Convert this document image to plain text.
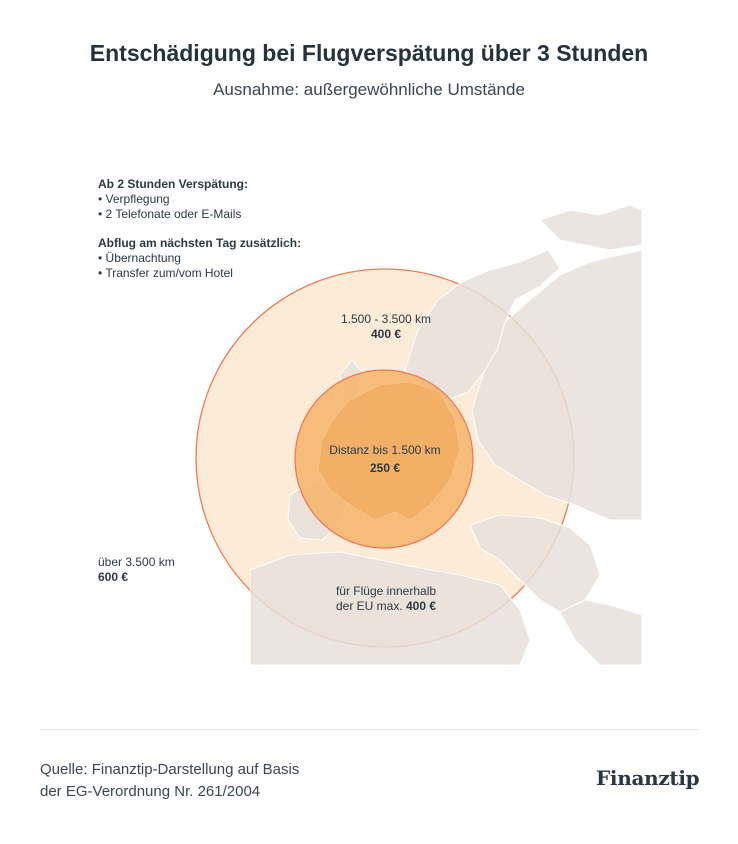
Entschädigung bei Flugverspätung über 3 Stunden
Ausnahme: außergewöhnliche Umstände
Ab 2 Stunden Verspätung:
• Verpflegung
• 2 Telefonate oder E-Mails
Abflug am nächsten Tag zusätzlich:
• Übernachtung
• Transfer zum/vom Hotel
1.500 - 3.500 km
400 €
Distanz bis 1.500 km
250 €
über 3.500 km
600 €
für Flüge innerhalb
der EU max. 400 €
Quelle: Finanztip-Darstellung auf Basis
der EG-Verordnung Nr. 261/2004
Finanztip
